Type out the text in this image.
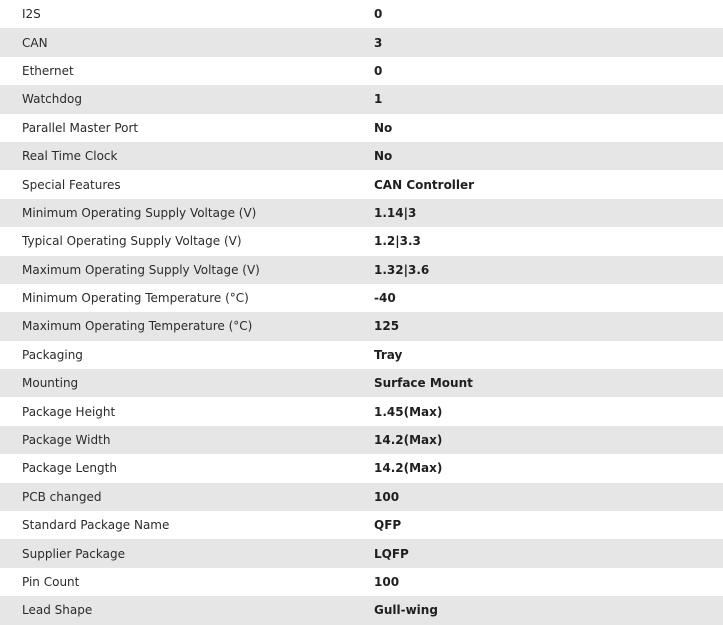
I2S	0
CAN	3
Ethernet	0
Watchdog	1
Parallel Master Port	No
Real Time Clock	No
Special Features	CAN Controller
Minimum Operating Supply Voltage (V)	1.14|3
Typical Operating Supply Voltage (V)	1.2|3.3
Maximum Operating Supply Voltage (V)	1.32|3.6
Minimum Operating Temperature (°C)	-40
Maximum Operating Temperature (°C)	125
Packaging	Tray
Mounting	Surface Mount
Package Height	1.45(Max)
Package Width	14.2(Max)
Package Length	14.2(Max)
PCB changed	100
Standard Package Name	QFP
Supplier Package	LQFP
Pin Count	100
Lead Shape	Gull-wing
